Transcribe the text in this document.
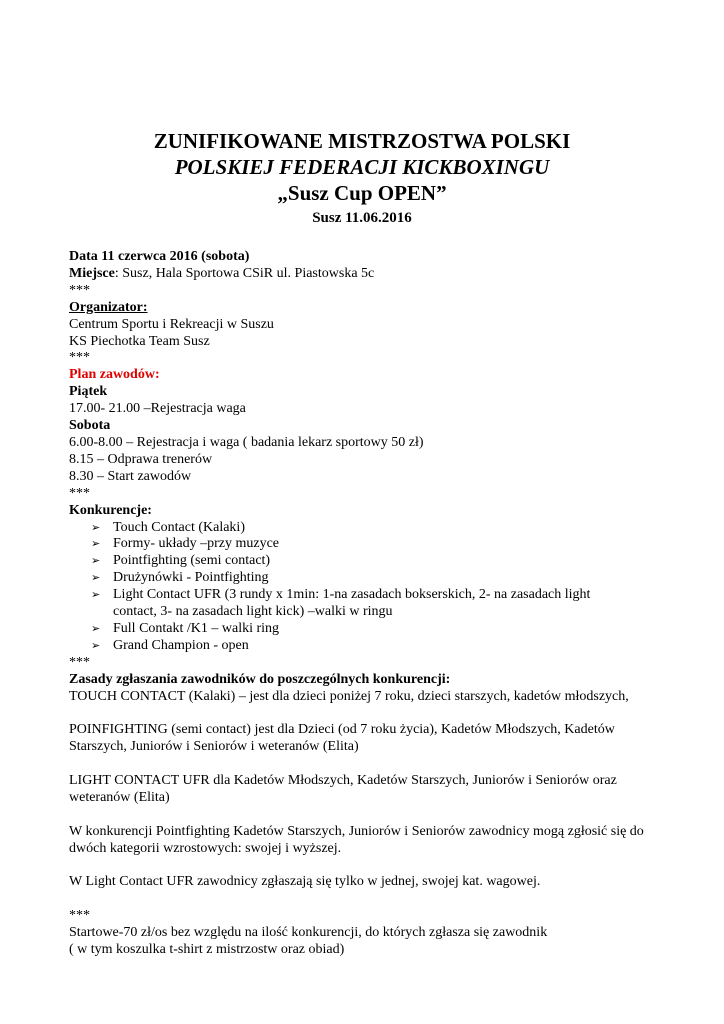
ZUNIFIKOWANE MISTRZOSTWA POLSKI
POLSKIEJ FEDERACJI KICKBOXINGU
„Susz Cup OPEN”
Susz 11.06.2016
Data 11 czerwca 2016 (sobota)
Miejsce: Susz, Hala Sportowa CSiR ul. Piastowska 5c
***
Organizator:
Centrum Sportu i Rekreacji w Suszu
KS Piechotka Team Susz
***
Plan zawodów:
Piątek
17.00- 21.00 –Rejestracja waga
Sobota
6.00-8.00 – Rejestracja i waga ( badania lekarz sportowy 50 zł)
8.15 – Odprawa trenerów
8.30 – Start zawodów
***
Konkurencje:
➢ Touch Contact (Kalaki)
➢ Formy- układy –przy muzyce
➢ Pointfighting (semi contact)
➢ Drużynówki - Pointfighting
➢ Light Contact UFR (3 rundy x 1min: 1-na zasadach bokserskich, 2- na zasadach light contact, 3- na zasadach light kick) –walki w ringu
➢ Full Contakt /K1 – walki ring
➢ Grand Champion - open
***
Zasady zgłaszania zawodników do poszczególnych konkurencji:
TOUCH CONTACT (Kalaki) – jest dla dzieci poniżej 7 roku, dzieci starszych, kadetów młodszych,
POINFIGHTING (semi contact) jest dla Dzieci (od 7 roku życia), Kadetów Młodszych, Kadetów Starszych, Juniorów i Seniorów i weteranów (Elita)
LIGHT CONTACT UFR dla Kadetów Młodszych, Kadetów Starszych, Juniorów i Seniorów oraz weteranów (Elita)
W konkurencji Pointfighting Kadetów Starszych, Juniorów i Seniorów zawodnicy mogą zgłosić się do dwóch kategorii wzrostowych: swojej i wyższej.
W Light Contact UFR zawodnicy zgłaszają się tylko w jednej, swojej kat. wagowej.
***
Startowe-70 zł/os bez względu na ilość konkurencji, do których zgłasza się zawodnik
( w tym koszulka t-shirt z mistrzostw oraz obiad)
